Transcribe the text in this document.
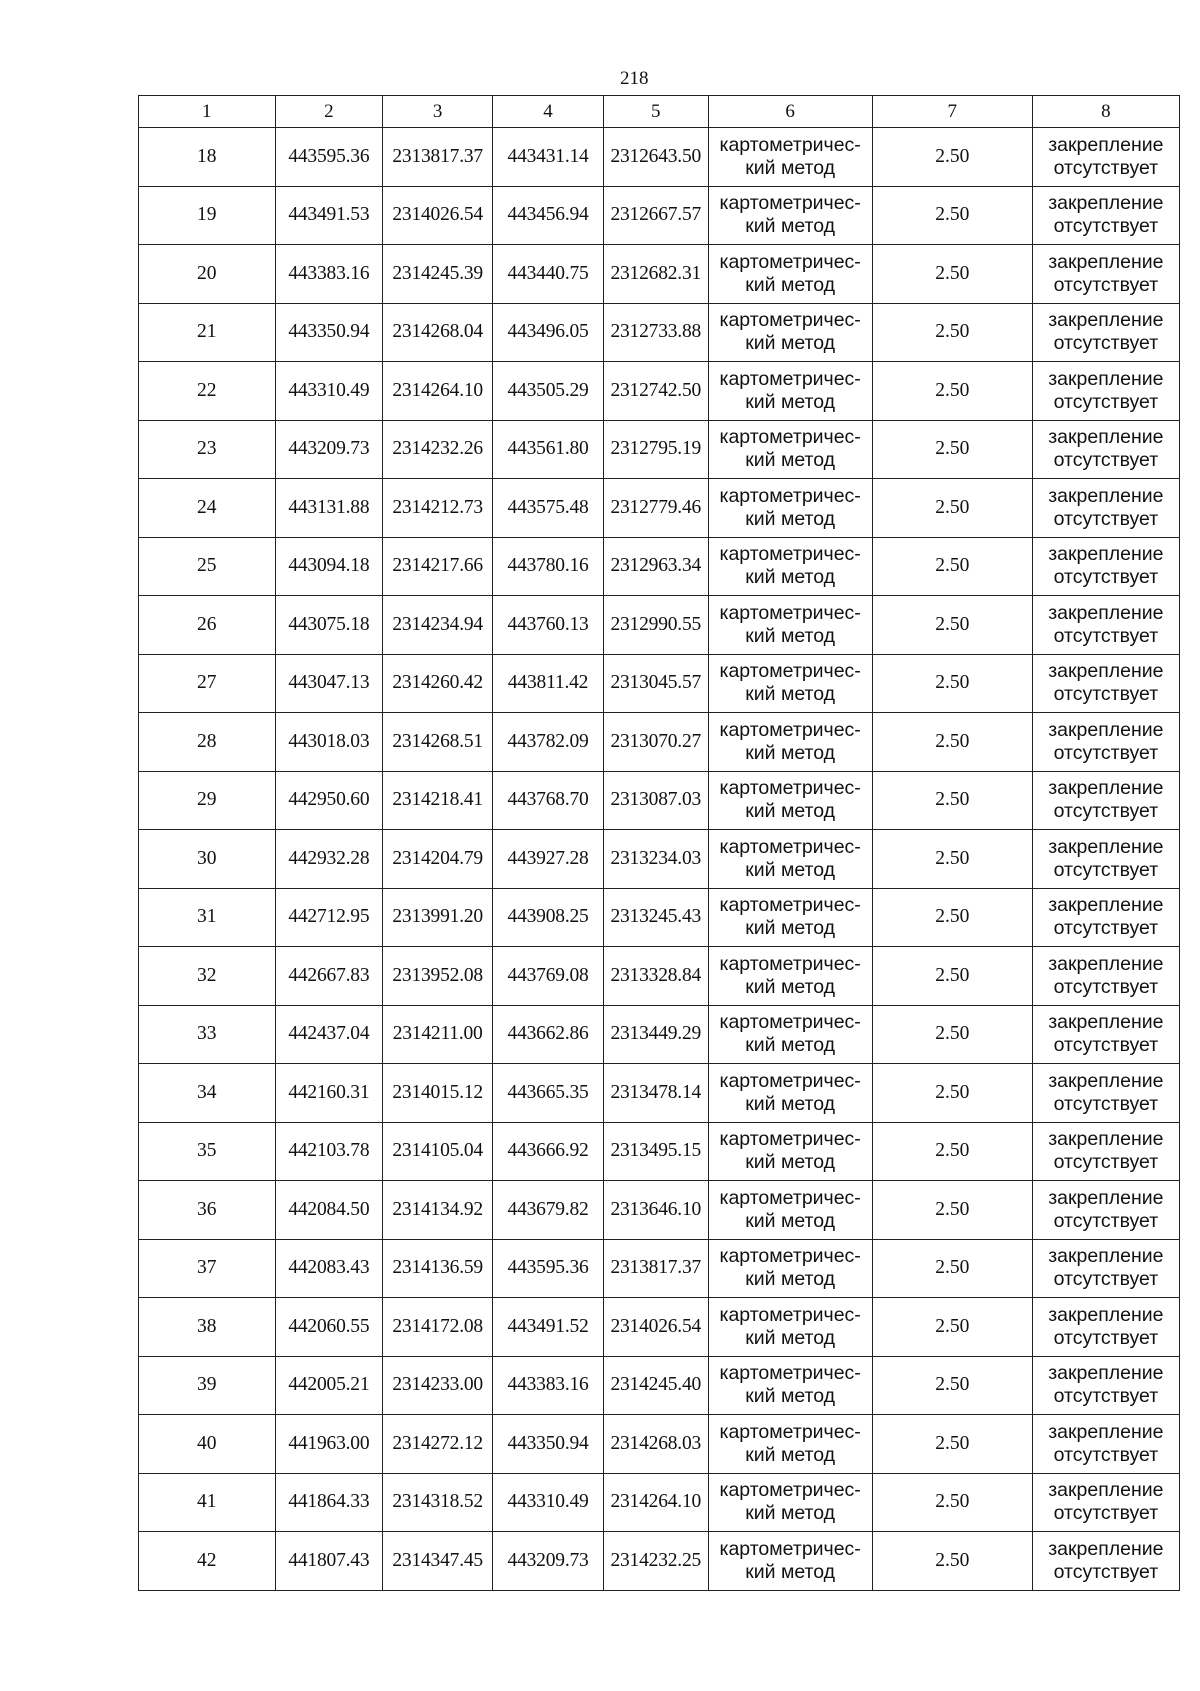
218
1	2	3	4	5	6	7	8
18	443595.36	2313817.37	443431.14	2312643.50	картометричес-
кий метод	2.50	закрепление
отсутствует
19	443491.53	2314026.54	443456.94	2312667.57	картометричес-
кий метод	2.50	закрепление
отсутствует
20	443383.16	2314245.39	443440.75	2312682.31	картометричес-
кий метод	2.50	закрепление
отсутствует
21	443350.94	2314268.04	443496.05	2312733.88	картометричес-
кий метод	2.50	закрепление
отсутствует
22	443310.49	2314264.10	443505.29	2312742.50	картометричес-
кий метод	2.50	закрепление
отсутствует
23	443209.73	2314232.26	443561.80	2312795.19	картометричес-
кий метод	2.50	закрепление
отсутствует
24	443131.88	2314212.73	443575.48	2312779.46	картометричес-
кий метод	2.50	закрепление
отсутствует
25	443094.18	2314217.66	443780.16	2312963.34	картометричес-
кий метод	2.50	закрепление
отсутствует
26	443075.18	2314234.94	443760.13	2312990.55	картометричес-
кий метод	2.50	закрепление
отсутствует
27	443047.13	2314260.42	443811.42	2313045.57	картометричес-
кий метод	2.50	закрепление
отсутствует
28	443018.03	2314268.51	443782.09	2313070.27	картометричес-
кий метод	2.50	закрепление
отсутствует
29	442950.60	2314218.41	443768.70	2313087.03	картометричес-
кий метод	2.50	закрепление
отсутствует
30	442932.28	2314204.79	443927.28	2313234.03	картометричес-
кий метод	2.50	закрепление
отсутствует
31	442712.95	2313991.20	443908.25	2313245.43	картометричес-
кий метод	2.50	закрепление
отсутствует
32	442667.83	2313952.08	443769.08	2313328.84	картометричес-
кий метод	2.50	закрепление
отсутствует
33	442437.04	2314211.00	443662.86	2313449.29	картометричес-
кий метод	2.50	закрепление
отсутствует
34	442160.31	2314015.12	443665.35	2313478.14	картометричес-
кий метод	2.50	закрепление
отсутствует
35	442103.78	2314105.04	443666.92	2313495.15	картометричес-
кий метод	2.50	закрепление
отсутствует
36	442084.50	2314134.92	443679.82	2313646.10	картометричес-
кий метод	2.50	закрепление
отсутствует
37	442083.43	2314136.59	443595.36	2313817.37	картометричес-
кий метод	2.50	закрепление
отсутствует
38	442060.55	2314172.08	443491.52	2314026.54	картометричес-
кий метод	2.50	закрепление
отсутствует
39	442005.21	2314233.00	443383.16	2314245.40	картометричес-
кий метод	2.50	закрепление
отсутствует
40	441963.00	2314272.12	443350.94	2314268.03	картометричес-
кий метод	2.50	закрепление
отсутствует
41	441864.33	2314318.52	443310.49	2314264.10	картометричес-
кий метод	2.50	закрепление
отсутствует
42	441807.43	2314347.45	443209.73	2314232.25	картометричес-
кий метод	2.50	закрепление
отсутствует
